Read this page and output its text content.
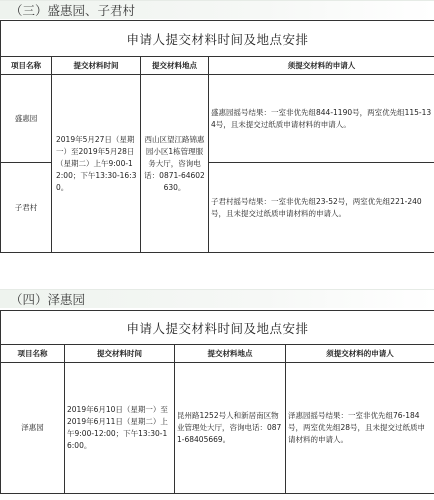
（三）盛惠园、子君村
申请人提交材料时间及地点安排			
项目名称	提交材料时间	提交材料地点	须提交材料的申请人
盛惠园	2019年5月27日（星期一）至2019年5月28日（星期二）上午9:00-12:00；下午13:30-16:30。	西山区望江路锦惠园小区1栋管理服务大厅，咨询电话：0871-64602630。	盛惠园摇号结果：一室非优先组844-1190号，两室优先组115-134号，且未提交过纸质申请材料的申请人。
子君村			子君村摇号结果：一室非优先组23-52号，两室优先组221-240号，且未提交过纸质申请材料的申请人。
（四）泽惠园
申请人提交材料时间及地点安排			
项目名称	提交材料时间	提交材料地点	须提交材料的申请人
泽惠园	2019年6月10日（星期一）至2019年6月11日（星期二）上午9:00-12:00；下午13:30-16:00。	昆州路1252号人和新居南区物业管理处大厅，咨询电话：0871-68405669。	泽惠园摇号结果：一室非优先组76-184号，两室优先组28号，且未提交过纸质申请材料的申请人。
